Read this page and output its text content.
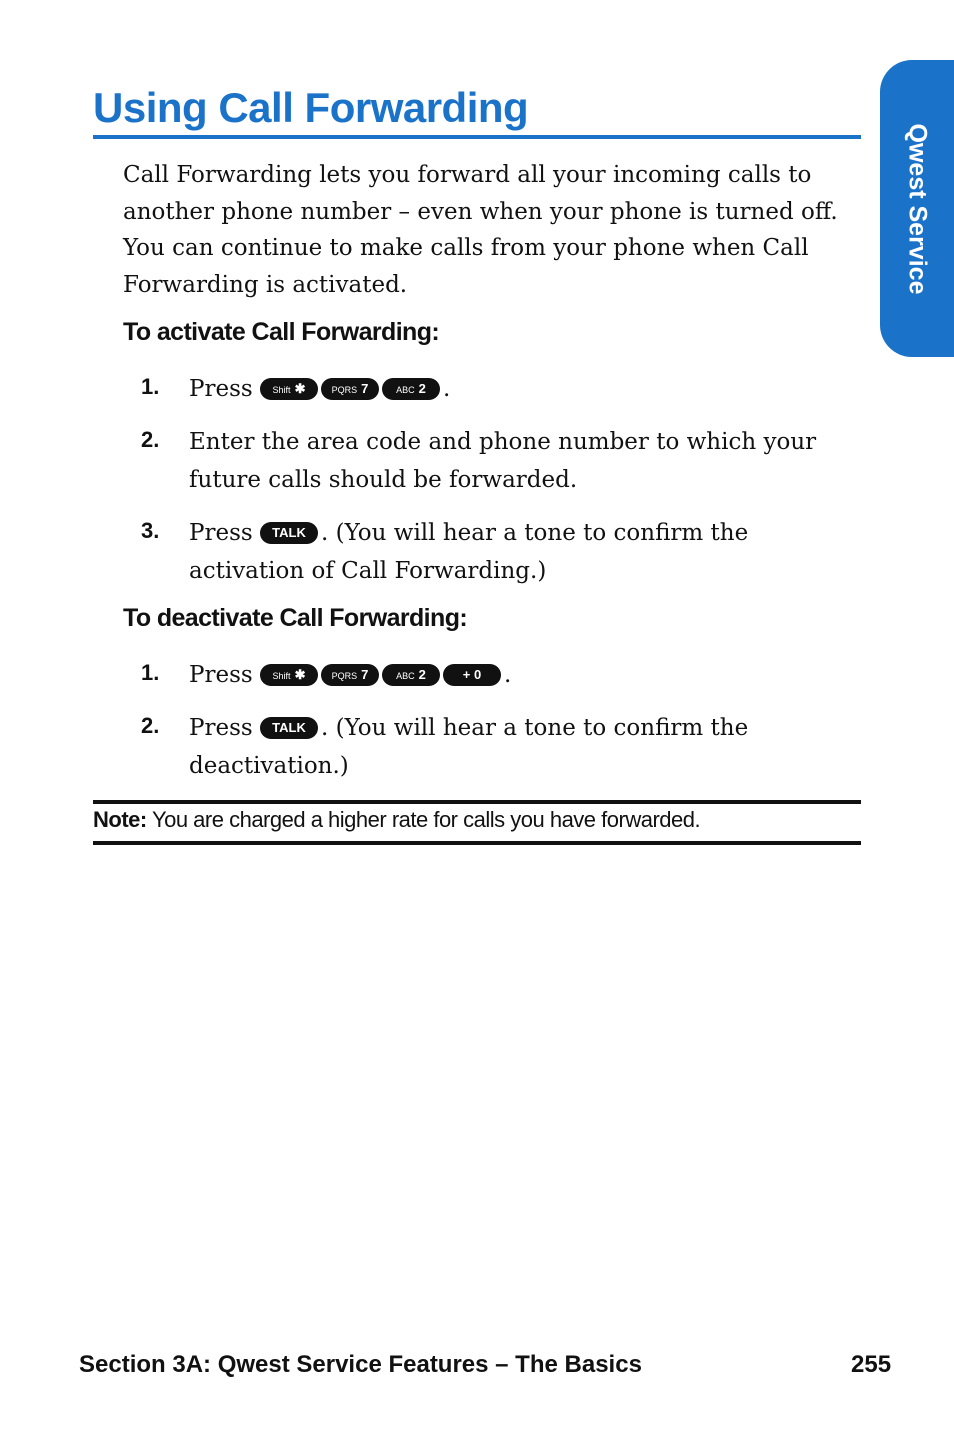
Qwest Service
Using Call Forwarding

Call Forwarding lets you forward all your incoming calls to another phone number – even when your phone is turned off. You can continue to make calls from your phone when Call Forwarding is activated.

To activate Call Forwarding:

1. Press Shift ✱	PQRS 7	ABC 2 .
2. Enter the area code and phone number to which your future calls should be forwarded.
3. Press TALK . (You will hear a tone to confirm the activation of Call Forwarding.)

To deactivate Call Forwarding:

1. Press Shift ✱	PQRS 7	ABC 2	+ 0 .
2. Press TALK . (You will hear a tone to confirm the deactivation.)

Note: You are charged a higher rate for calls you have forwarded.

Section 3A: Qwest Service Features – The Basics	255
